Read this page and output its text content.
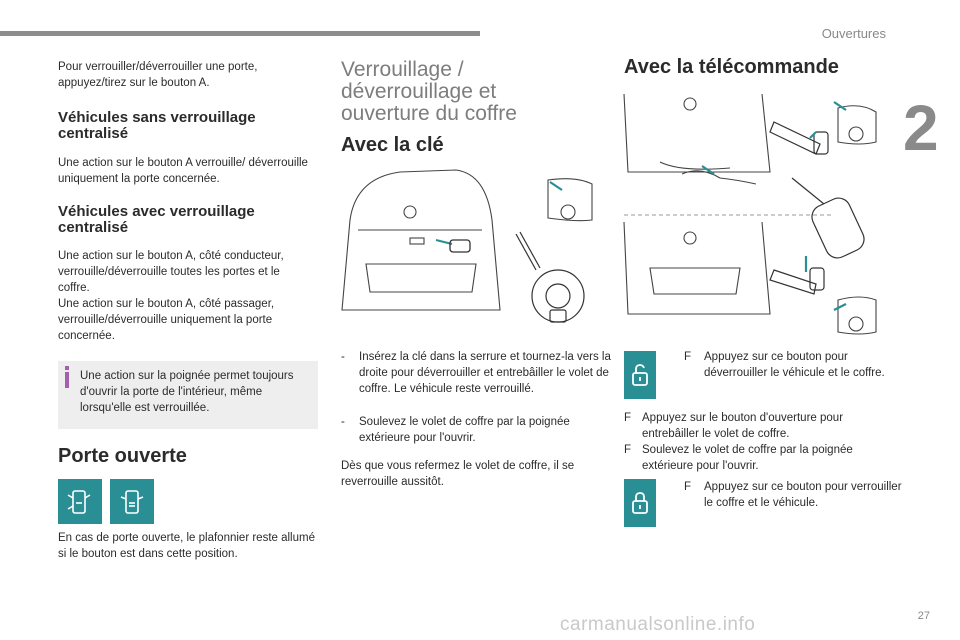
Ouvertures
2
Pour verrouiller/déverrouiller une porte, appuyez/tirez sur le bouton A.
Véhicules sans verrouillage centralisé
Une action sur le bouton A verrouille/ déverrouille uniquement la porte concernée.
Véhicules avec verrouillage centralisé
Une action sur le bouton A, côté conducteur, verrouille/déverrouille toutes les portes et le coffre.
Une action sur le bouton A, côté passager, verrouille/déverrouille uniquement la porte concernée.
Une action sur la poignée permet toujours d'ouvrir la porte de l'intérieur, même lorsqu'elle est verrouillée.
Porte ouverte
En cas de porte ouverte, le plafonnier reste allumé si le bouton est dans cette position.
Verrouillage / déverrouillage et ouverture du coffre
Avec la clé
- Insérez la clé dans la serrure et tournez-la vers la droite pour déverrouiller et entrebâiller le volet de coffre. Le véhicule reste verrouillé.
- Soulevez le volet de coffre par la poignée extérieure pour l'ouvrir.
Dès que vous refermez le volet de coffre, il se reverrouille aussitôt.
Avec la télécommande
F Appuyez sur ce bouton pour déverrouiller le véhicule et le coffre.
F Appuyez sur le bouton d'ouverture pour entrebâiller le volet de coffre.
F Soulevez le volet de coffre par la poignée extérieure pour l'ouvrir.
F Appuyez sur ce bouton pour verrouiller le coffre et le véhicule.
carmanualsonline.info	27
